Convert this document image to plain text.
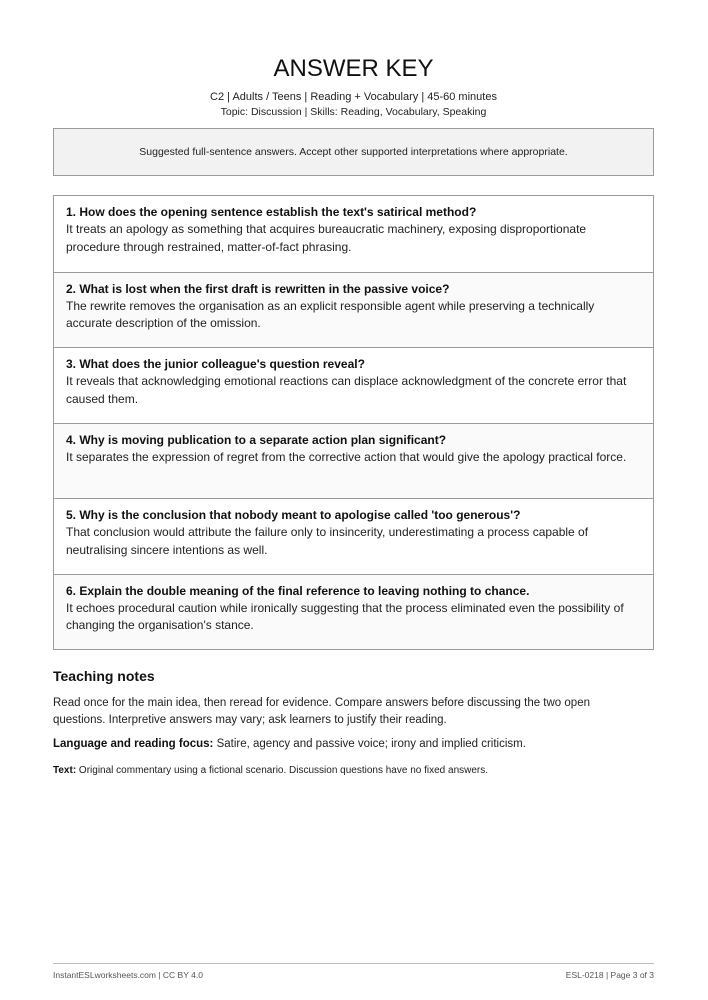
ANSWER KEY
C2 | Adults / Teens | Reading + Vocabulary | 45-60 minutes
Topic: Discussion | Skills: Reading, Vocabulary, Speaking
Suggested full-sentence answers. Accept other supported interpretations where appropriate.
1. How does the opening sentence establish the text's satirical method?
It treats an apology as something that acquires bureaucratic machinery, exposing disproportionate procedure through restrained, matter-of-fact phrasing.
2. What is lost when the first draft is rewritten in the passive voice?
The rewrite removes the organisation as an explicit responsible agent while preserving a technically accurate description of the omission.
3. What does the junior colleague's question reveal?
It reveals that acknowledging emotional reactions can displace acknowledgment of the concrete error that caused them.
4. Why is moving publication to a separate action plan significant?
It separates the expression of regret from the corrective action that would give the apology practical force.
5. Why is the conclusion that nobody meant to apologise called 'too generous'?
That conclusion would attribute the failure only to insincerity, underestimating a process capable of neutralising sincere intentions as well.
6. Explain the double meaning of the final reference to leaving nothing to chance.
It echoes procedural caution while ironically suggesting that the process eliminated even the possibility of changing the organisation's stance.
Teaching notes
Read once for the main idea, then reread for evidence. Compare answers before discussing the two open questions. Interpretive answers may vary; ask learners to justify their reading.
Language and reading focus: Satire, agency and passive voice; irony and implied criticism.
Text: Original commentary using a fictional scenario. Discussion questions have no fixed answers.
InstantESLworksheets.com | CC BY 4.0	ESL-0218 | Page 3 of 3
